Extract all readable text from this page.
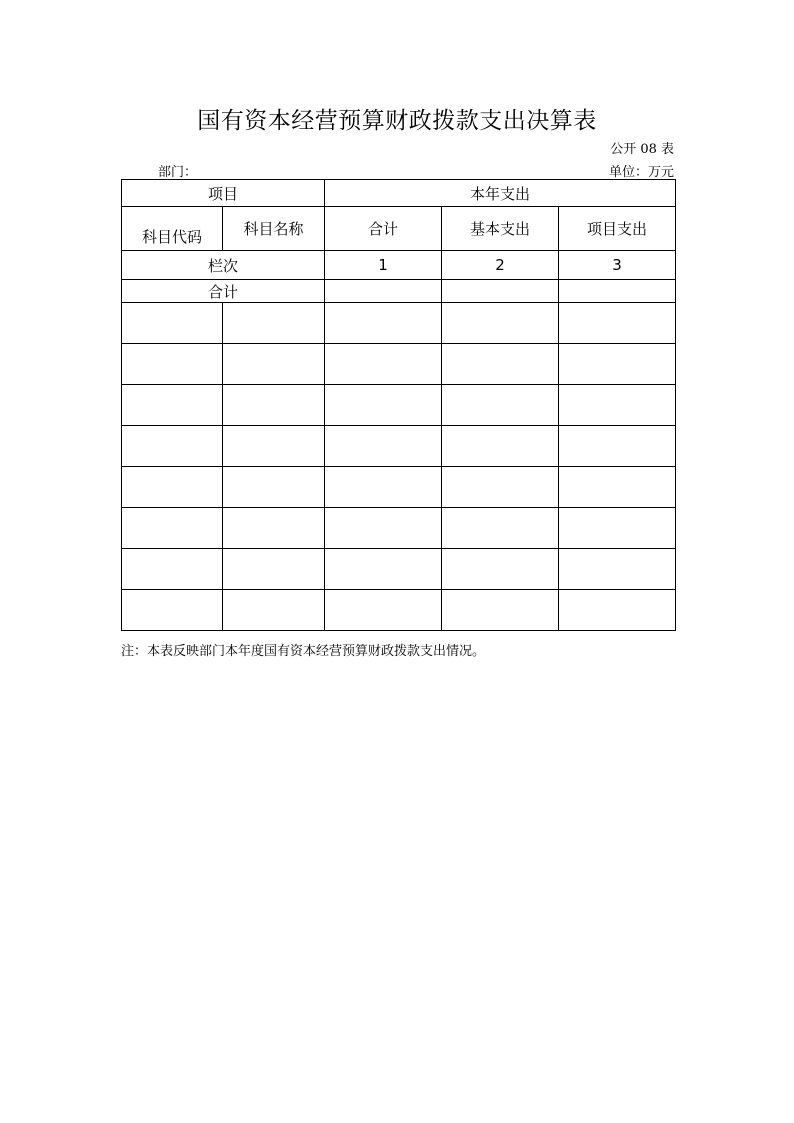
国有资本经营预算财政拨款支出决算表
公开 08 表
部门：	单位：万元
项目		本年支出		
科目代码	科目名称	合计	基本支出	项目支出
栏次		1	2	3
合计				

注：本表反映部门本年度国有资本经营预算财政拨款支出情况。
